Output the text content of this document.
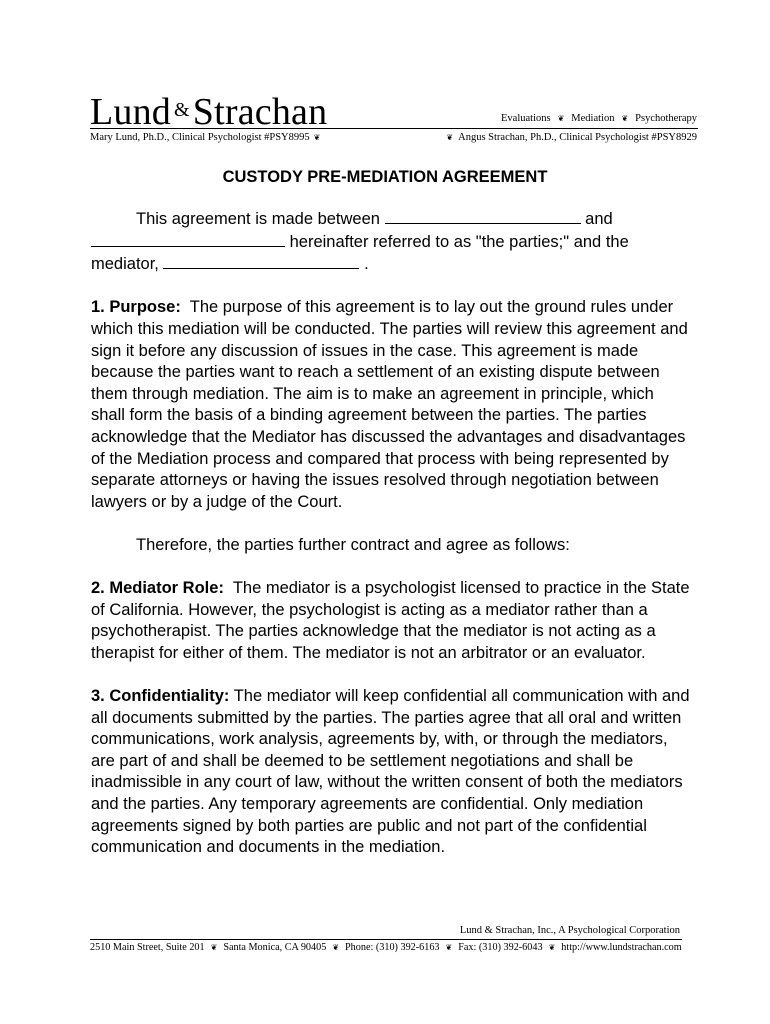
Lund &Strachan	Evaluations ❦ Mediation ❦ Psychotherapy
Mary Lund, Ph.D., Clinical Psychologist #PSY8995 ❦	❦ Angus Strachan, Ph.D., Clinical Psychologist #PSY8929
CUSTODY PRE-MEDIATION AGREEMENT

This agreement is made between	and

hereinafter referred to as "the parties;" and the

mediator,	.

1. Purpose: The purpose of this agreement is to lay out the ground rules under which this mediation will be conducted. The parties will review this agreement and sign it before any discussion of issues in the case. This agreement is made because the parties want to reach a settlement of an existing dispute between them through mediation. The aim is to make an agreement in principle, which shall form the basis of a binding agreement between the parties. The parties acknowledge that the Mediator has discussed the advantages and disadvantages of the Mediation process and compared that process with being represented by separate attorneys or having the issues resolved through negotiation between lawyers or by a judge of the Court.

Therefore, the parties further contract and agree as follows:

2. Mediator Role: The mediator is a psychologist licensed to practice in the State of California. However, the psychologist is acting as a mediator rather than a psychotherapist. The parties acknowledge that the mediator is not acting as a therapist for either of them. The mediator is not an arbitrator or an evaluator.

3. Confidentiality: The mediator will keep confidential all communication with and all documents submitted by the parties. The parties agree that all oral and written communications, work analysis, agreements by, with, or through the mediators, are part of and shall be deemed to be settlement negotiations and shall be inadmissible in any court of law, without the written consent of both the mediators and the parties. Any temporary agreements are confidential. Only mediation agreements signed by both parties are public and not part of the confidential communication and documents in the mediation.

Lund & Strachan, Inc., A Psychological Corporation
2510 Main Street, Suite 201 ❦ Santa Monica, CA 90405 ❦ Phone: (310) 392-6163 ❦ Fax: (310) 392-6043 ❦ http://www.lundstrachan.com
